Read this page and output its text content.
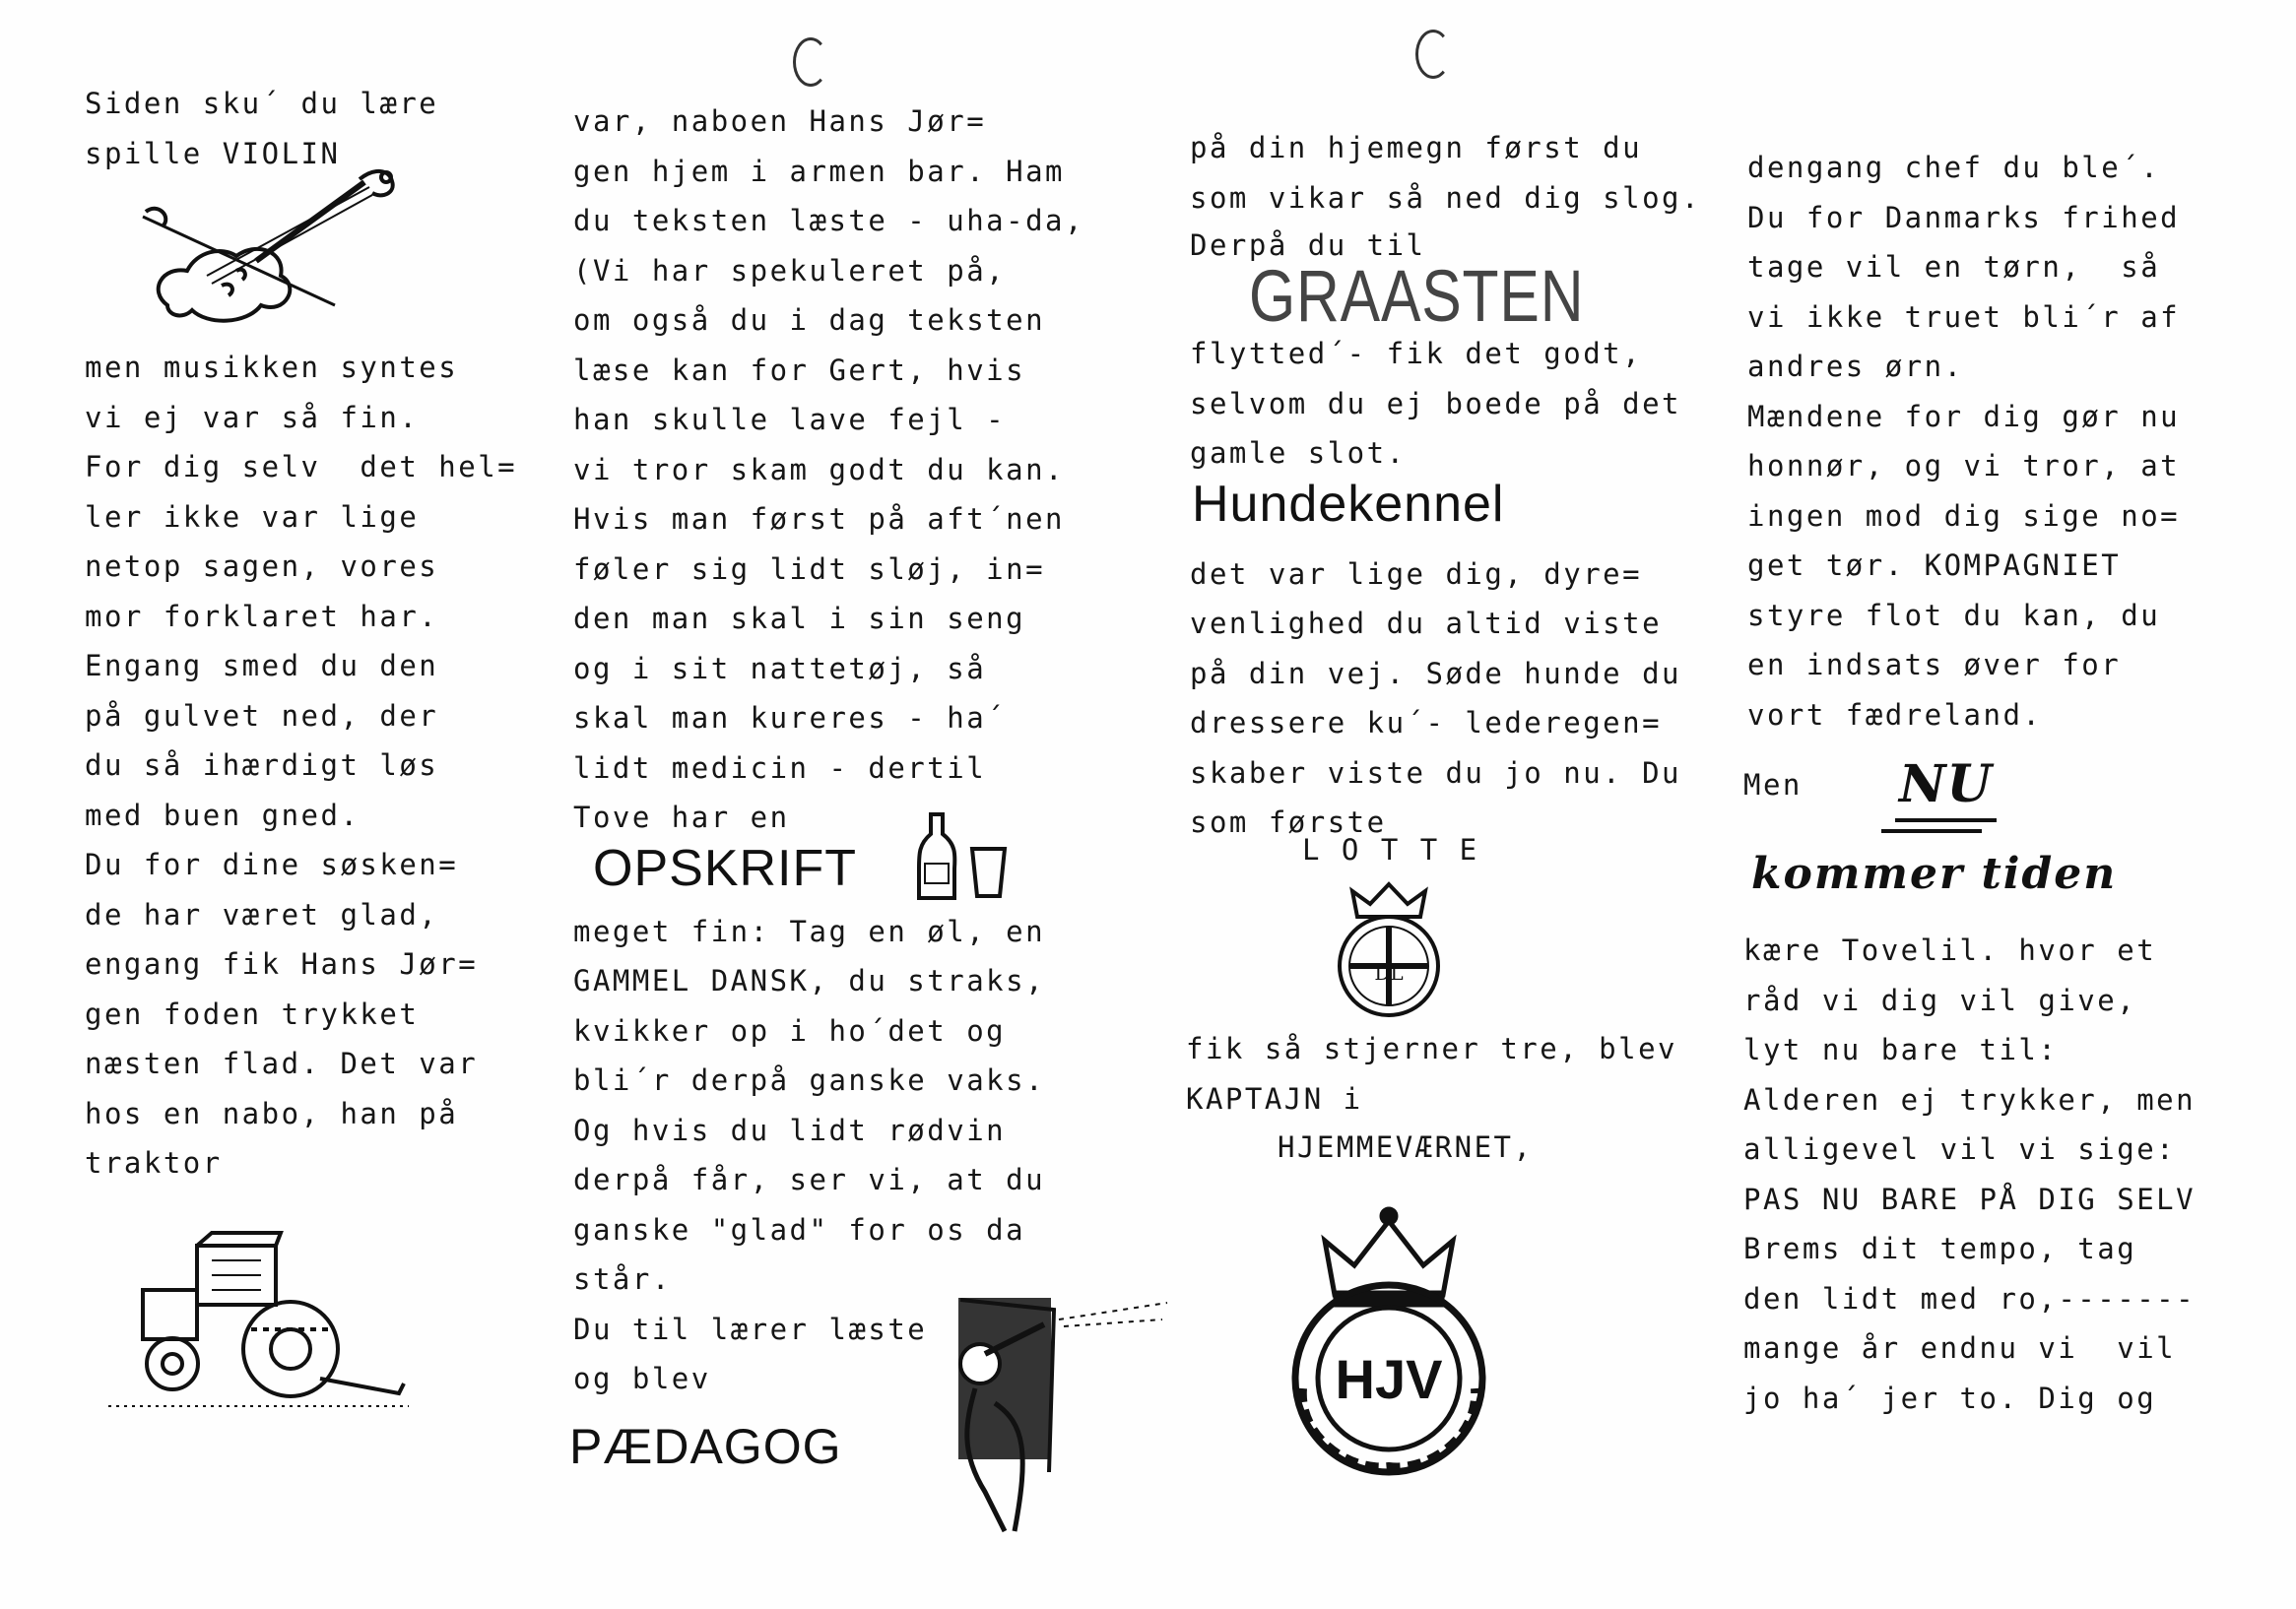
Siden sku´ du lære

spille VIOLIN

men musikken syntes

vi ej var så fin.

For dig selv  det hel=

ler ikke var lige

netop sagen, vores

mor forklaret har.

Engang smed du den

på gulvet ned, der

du så ihærdigt løs

med buen gned.

Du for dine søsken=

de har været glad,

engang fik Hans Jør=

gen foden trykket

næsten flad. Det var

hos en nabo, han på

traktor

var, naboen Hans Jør=

gen hjem i armen bar. Ham

du teksten læste - uha-da,

(Vi har spekuleret på,

om også du i dag teksten

læse kan for Gert, hvis

han skulle lave fejl -

vi tror skam godt du kan.

Hvis man først på aft´nen

føler sig lidt sløj, in=

den man skal i sin seng

og i sit nattetøj, så

skal man kureres - ha´

lidt medicin - dertil

Tove har en

meget fin: Tag en øl, en

GAMMEL DANSK, du straks,

kvikker op i ho´det og

bli´r derpå ganske vaks.

Og hvis du lidt rødvin

derpå får, ser vi, at du

ganske "glad" for os da

står.

Du til lærer læste

og blev

OPSKRIFT
PÆDAGOG

på din hjemegn først du

som vikar så ned dig slog.

Derpå du til

flytted´- fik det godt,

selvom du ej boede på det

gamle slot.

det var lige dig, dyre=

venlighed du altid viste

på din vej. Søde hunde du

dressere ku´- lederegen=

skaber viste du jo nu. Du

som første

GRAASTEN
Hundekennel

L O T T E

DL

fik så stjerner tre, blev

KAPTAJN i

HJEMMEVÆRNET,

HJV

dengang chef du ble´.

Du for Danmarks frihed

tage vil en tørn,  så

vi ikke truet bli´r af

andres ørn.

Mændene for dig gør nu

honnør, og vi tror, at

ingen mod dig sige no=

get tør. KOMPAGNIET

styre flot du kan, du

en indsats øver for

vort fædreland.

Men NU
kommer tiden

kære Tovelil. hvor et

råd vi dig vil give,

lyt nu bare til:

Alderen ej trykker, men

alligevel vil vi sige:

PAS NU BARE PÅ DIG SELV

Brems dit tempo, tag

den lidt med ro,-------

mange år endnu vi  vil

jo ha´ jer to. Dig og
